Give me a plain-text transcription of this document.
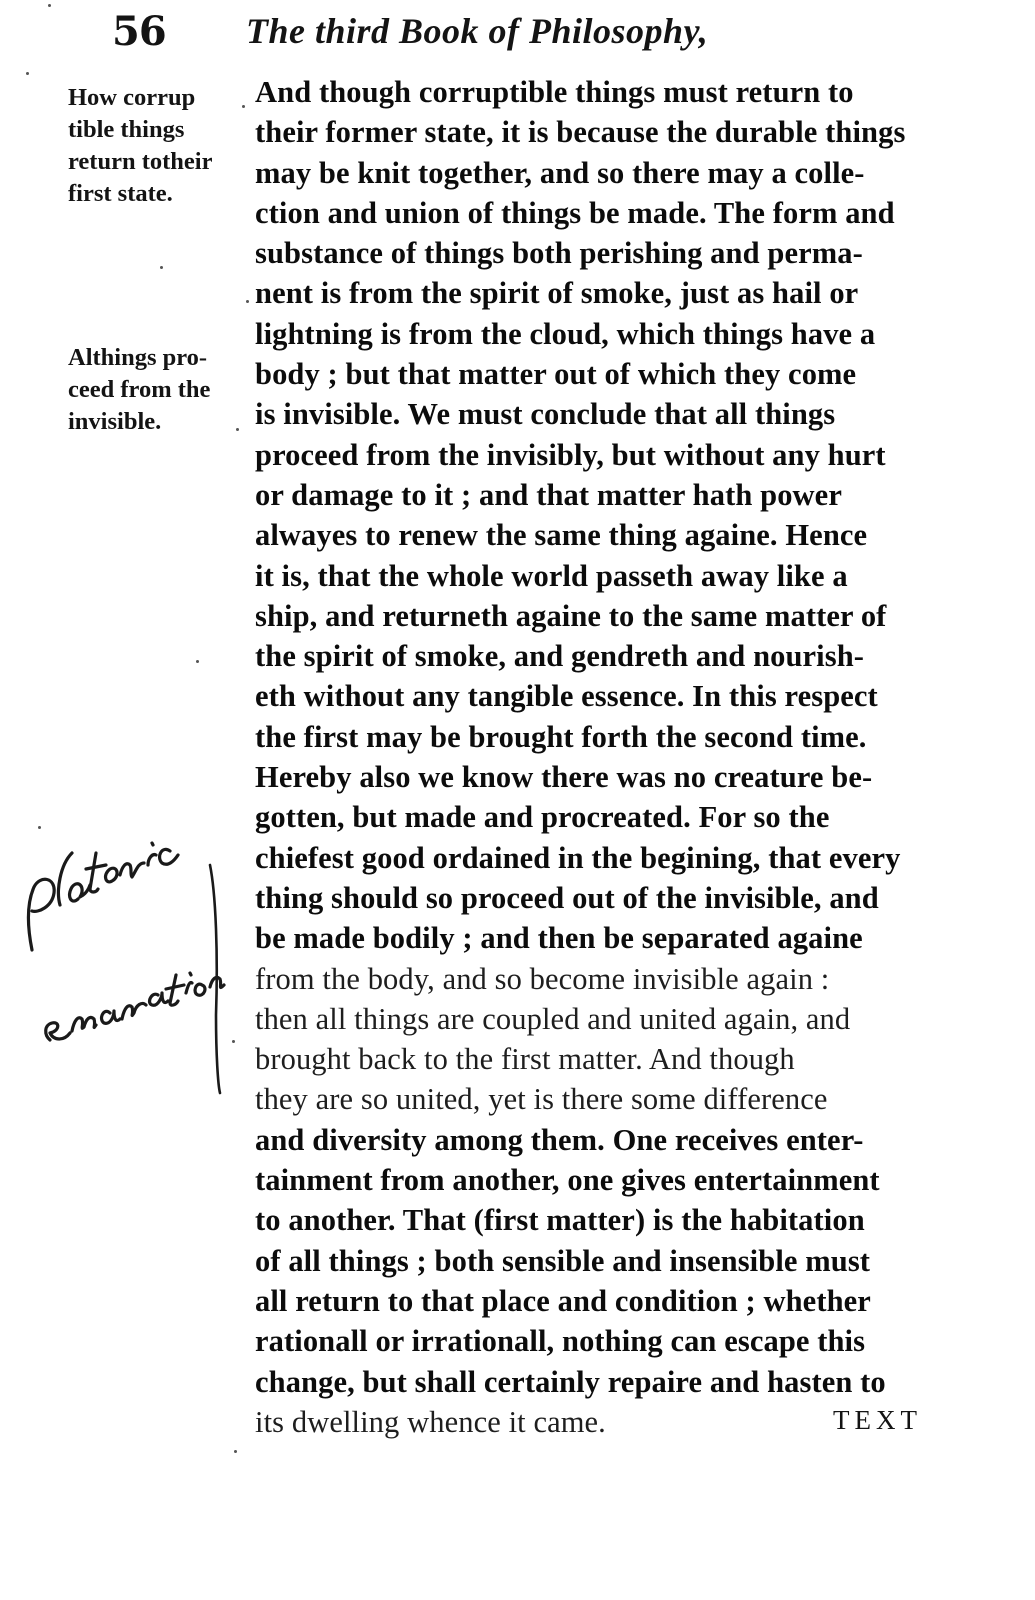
56 The third Book of Philosophy,
How corrup
tible things
return totheir
first state.
Althings pro-
ceed from the
invisible.
And though corruptible things must return to
their former state, it is because the durable things
may be knit together, and so there may a colle-
ction and union of things be made. The form and
substance of things both perishing and perma-
nent is from the spirit of smoke, just as hail or
lightning is from the cloud, which things have a
body ; but that matter out of which they come
is invisible. We must conclude that all things
proceed from the invisibly, but without any hurt
or damage to it ; and that matter hath power
alwayes to renew the same thing againe. Hence
it is, that the whole world passeth away like a
ship, and returneth againe to the same matter of
the spirit of smoke, and gendreth and nourish-
eth without any tangible essence. In this respect
the first may be brought forth the second time.
Hereby also we know there was no creature be-
gotten, but made and procreated. For so the
chiefest good ordained in the begining, that every
thing should so proceed out of the invisible, and
be made bodily ; and then be separated againe
from the body, and so become invisible again :
then all things are coupled and united again, and
brought back to the first matter. And though
they are so united, yet is there some difference
and diversity among them. One receives enter-
tainment from another, one gives entertainment
to another. That (first matter) is the habitation
of all things ; both sensible and insensible must
all return to that place and condition ; whether
rationall or irrationall, nothing can escape this
change, but shall certainly repaire and hasten to
its dwelling whence it came.	TEXT
